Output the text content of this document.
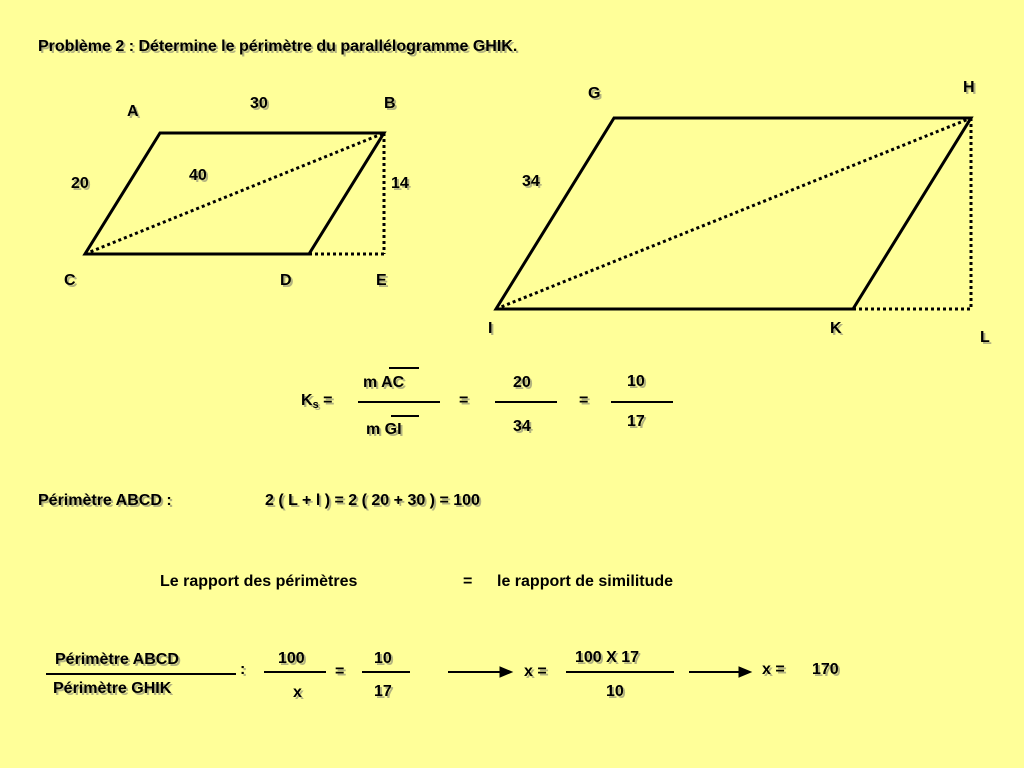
Problème 2 : Détermine le périmètre du parallélogramme GHIK.
A	B
C	D	E
30
20	40	14
G	H
I	K
L
34
$K_s$ =
m AC
m GI
=
20
34
=
10
17
Périmètre ABCD :	2 ( L + l ) = 2 ( 20 + 30 ) = 100
Le rapport des périmètres	= le rapport de similitude
Périmètre ABCD
Périmètre GHIK
:
100
x
=
10
17
x =
100 X 17
10
x = 170
